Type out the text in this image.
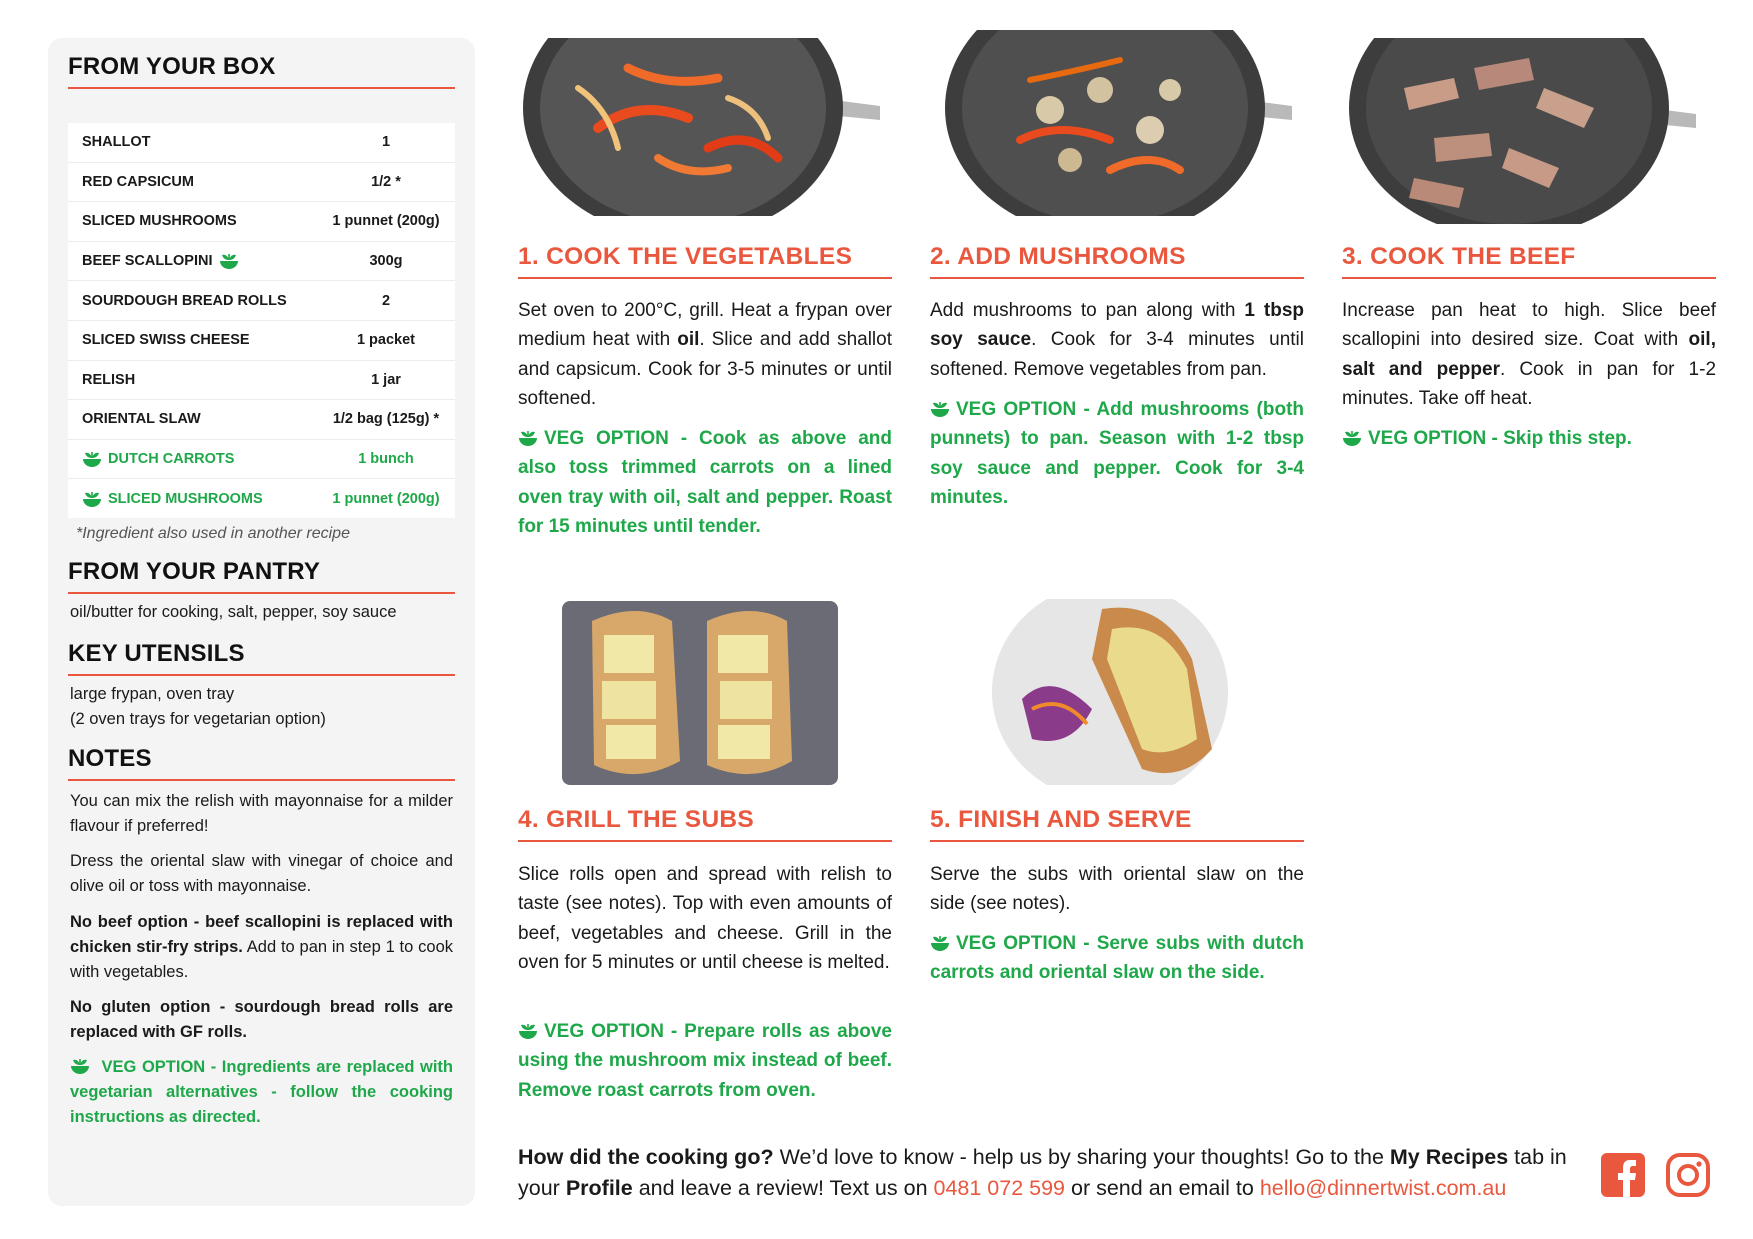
FROM YOUR BOX
SHALLOT	1
RED CAPSICUM	1/2 *
SLICED MUSHROOMS	1 punnet (200g)
BEEF SCALLOPINI	300g
SOURDOUGH BREAD ROLLS	2
SLICED SWISS CHEESE	1 packet
RELISH	1 jar
ORIENTAL SLAW	1/2 bag (125g) *
DUTCH CARROTS	1 bunch
SLICED MUSHROOMS	1 punnet (200g)
*Ingredient also used in another recipe
FROM YOUR PANTRY

oil/butter for cooking, salt, pepper, soy sauce

KEY UTENSILS

large frypan, oven tray
(2 oven trays for vegetarian option)

NOTES

You can mix the relish with mayonnaise for a milder flavour if preferred!

Dress the oriental slaw with vinegar of choice and olive oil or toss with mayonnaise.

No beef option - beef scallopini is replaced with chicken stir-fry strips. Add to pan in step 1 to cook with vegetables.

No gluten option - sourdough bread rolls are replaced with GF rolls.

VEG OPTION - Ingredients are replaced with vegetarian alternatives - follow the cooking instructions as directed.

1. COOK THE VEGETABLES

Set oven to 200°C, grill. Heat a frypan over medium heat with oil. Slice and add shallot and capsicum. Cook for 3-5 minutes or until softened.

VEG OPTION - Cook as above and also toss trimmed carrots on a lined oven tray with oil, salt and pepper. Roast for 15 minutes until tender.

2. ADD MUSHROOMS

Add mushrooms to pan along with 1 tbsp soy sauce. Cook for 3-4 minutes until softened. Remove vegetables from pan.

VEG OPTION - Add mushrooms (both punnets) to pan. Season with 1-2 tbsp soy sauce and pepper. Cook for 3-4 minutes.

3. COOK THE BEEF

Increase pan heat to high. Slice beef scallopini into desired size. Coat with oil, salt and pepper. Cook in pan for 1-2 minutes. Take off heat.

VEG OPTION - Skip this step.

4. GRILL THE SUBS

Slice rolls open and spread with relish to taste (see notes). Top with even amounts of beef, vegetables and cheese. Grill in the oven for 5 minutes or until cheese is melted.

VEG OPTION - Prepare rolls as above using the mushroom mix instead of beef. Remove roast carrots from oven.

5. FINISH AND SERVE

Serve the subs with oriental slaw on the side (see notes).

VEG OPTION - Serve subs with dutch carrots and oriental slaw on the side.

How did the cooking go? We’d love to know - help us by sharing your thoughts! Go to the My Recipes tab in your Profile and leave a review! Text us on 0481 072 599 or send an email to hello@dinnertwist.com.au
